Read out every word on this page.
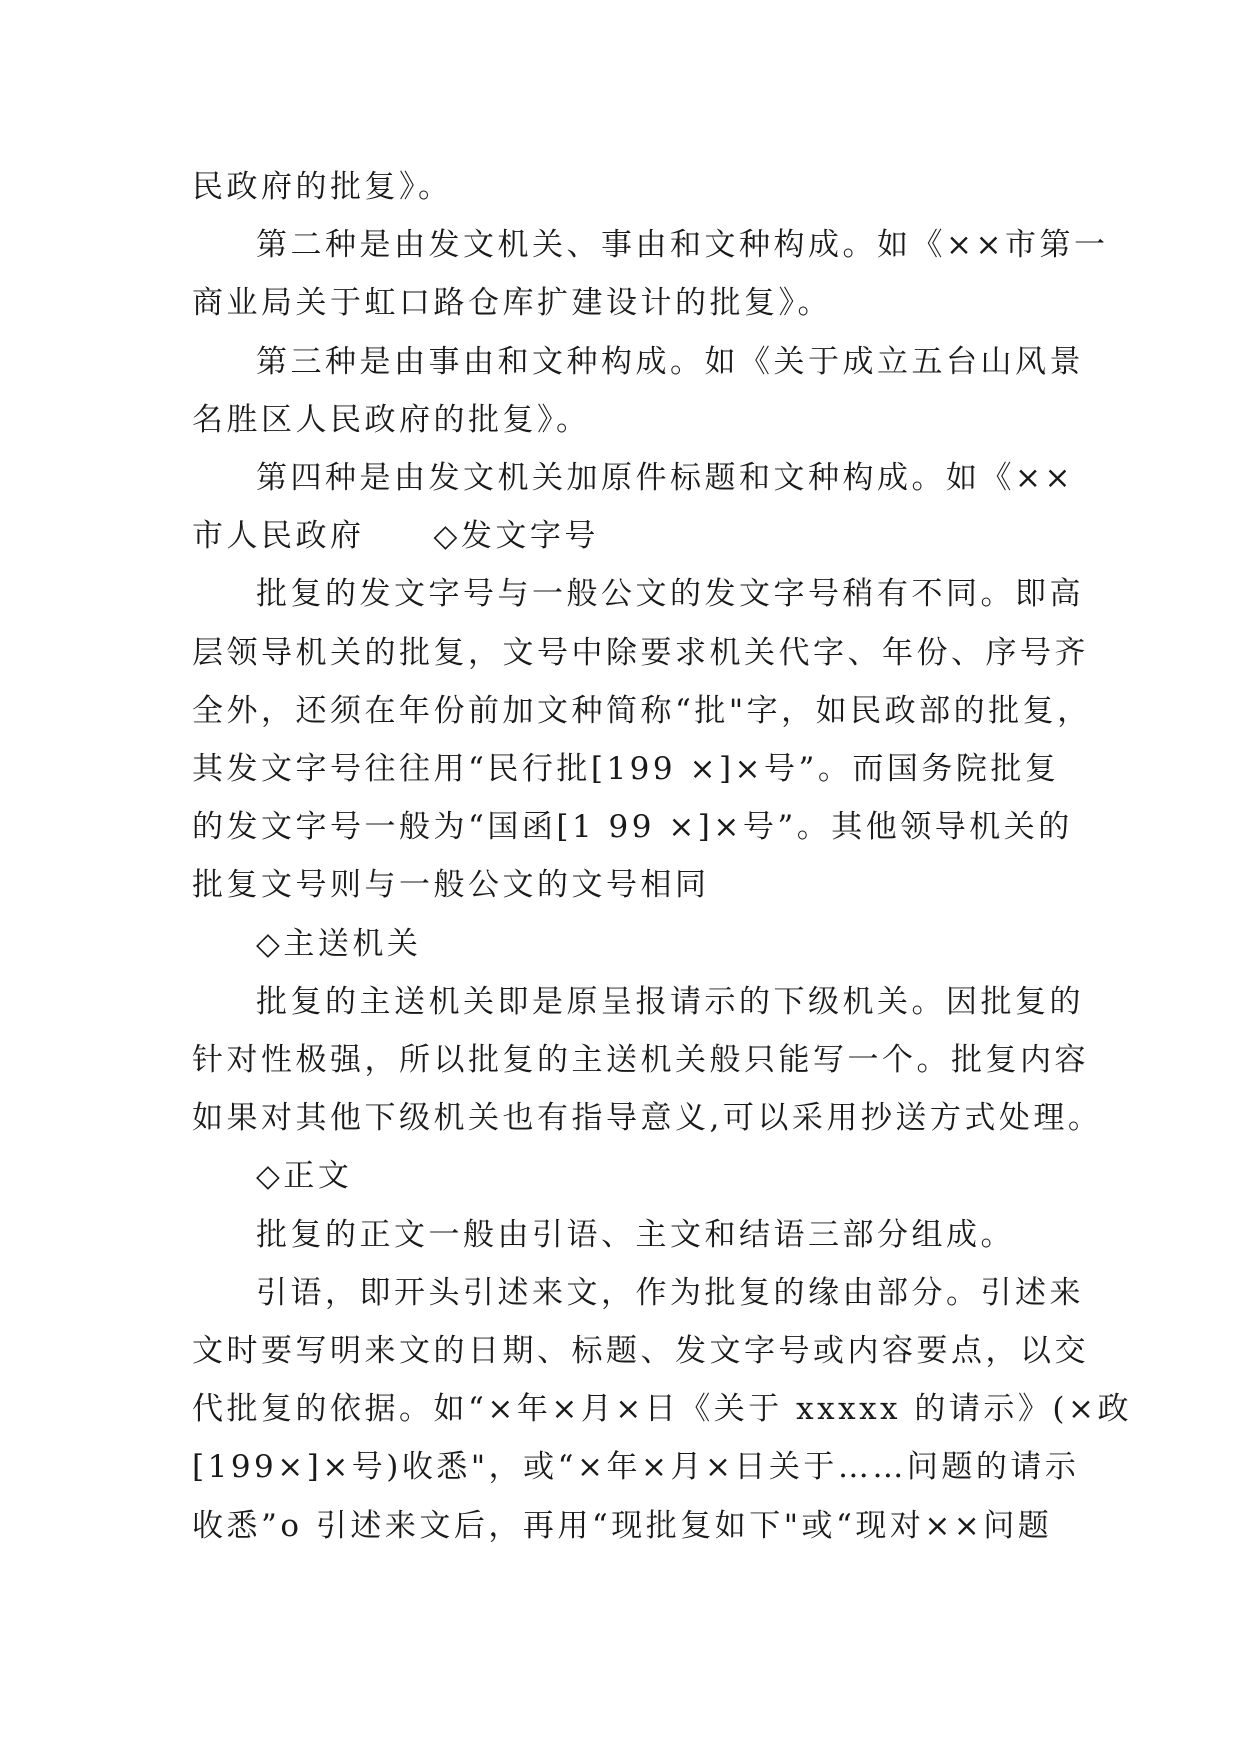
民政府的批复》。

第二种是由发文机关、事由和文种构成。如《××市第一

商业局关于虹口路仓库扩建设计的批复》。

第三种是由事由和文种构成。如《关于成立五台山风景

名胜区人民政府的批复》。

第四种是由发文机关加原件标题和文种构成。如《××

市人民政府　　◇发文字号

批复的发文字号与一般公文的发文字号稍有不同。即高

层领导机关的批复，文号中除要求机关代字、年份、序号齐

全外，还须在年份前加文种简称“批"字，如民政部的批复，

其发文字号往往用“民行批[199 ×]×号”。而国务院批复

的发文字号一般为“国函[1 99 ×]×号”。其他领导机关的

批复文号则与一般公文的文号相同

◇主送机关

批复的主送机关即是原呈报请示的下级机关。因批复的

针对性极强，所以批复的主送机关般只能写一个。批复内容

如果对其他下级机关也有指导意义,可以采用抄送方式处理。

◇正文

批复的正文一般由引语、主文和结语三部分组成。

引语，即开头引述来文，作为批复的缘由部分。引述来

文时要写明来文的日期、标题、发文字号或内容要点，以交

代批复的依据。如“×年×月×日《关于 xxxxx 的请示》(×政

[199×]×号)收悉"，或“×年×月×日关于……问题的请示

收悉”o 引述来文后，再用“现批复如下"或“现对××问题
